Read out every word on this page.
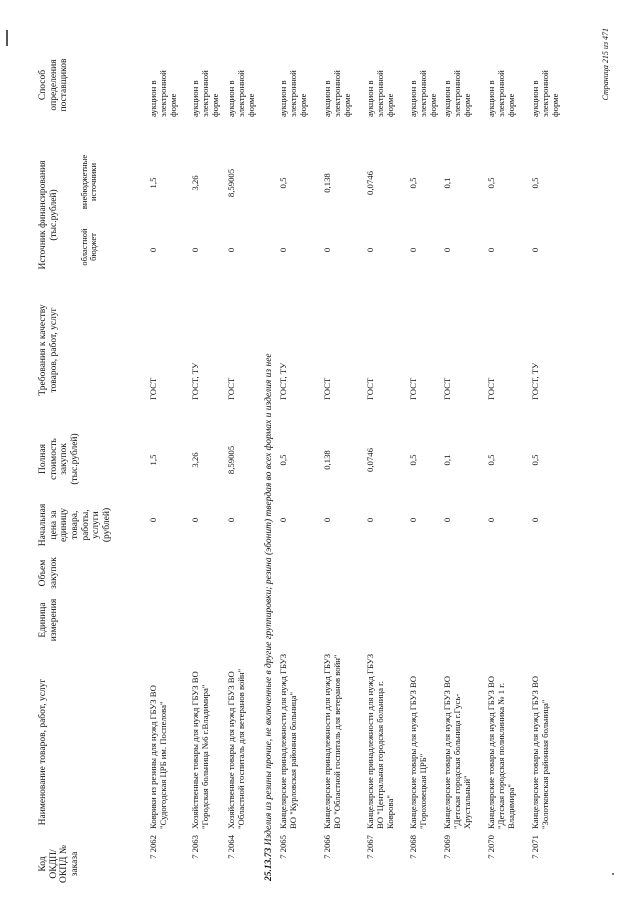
Код ОКДП/ ОКПД № заказа
Наименование товаров, работ, услуг
Единица измерения
Объем закупок
Начальная цена за единицу товара, работы, услуги (рублей)
Полная стоимость закупок (тыс.рублей)
Требования к качеству товаров, работ, услуг
Источник финансирования (тыс.рублей)
областной бюджет
внебюджетные источники
Способ определения поставщиков
25.13.73 Изделия из резины прочие, не включенные в другие группировки; резина (эбонит) твердая во всех формах и изделия из нее
7 2062
Коврики из резины для нужд ГБУЗ ВО "Судогодская ЦРБ им. Поспелова"
0
1,5
ГОСТ
0
1,5
аукцион в электронной форме
7 2063
Хозяйственные товары для нужд ГБУЗ ВО "Городская больница №6 г.Владимира"
0
3,26
ГОСТ, ТУ
0
3,26
аукцион в электронной форме
7 2064
Хозяйственные товары для нужд ГБУЗ ВО "Областной госпиталь для ветеранов войн"
0
8,59005
ГОСТ
0
8,59005
аукцион в электронной форме
7 2065
Канцелярские принадлежности для нужд ГБУЗ ВО "Курловская районная больница"
0
0,5
ГОСТ, ТУ
0
0,5
аукцион в электронной форме
7 2066
Канцелярские принадлежности для нужд ГБУЗ ВО "Областной госпиталь для ветеранов войн"
0
0,138
ГОСТ
0
0,138
аукцион в электронной форме
7 2067
Канцелярские принадлежности для нужд ГБУЗ ВО "Центральная городская больница г. Коврова"
0
0,0746
ГОСТ
0
0,0746
аукцион в электронной форме
7 2068
Канцелярские товары для нужд ГБУЗ ВО "Гороховецкая ЦРБ"
0
0,5
ГОСТ
0
0,5
аукцион в электронной форме
7 2069
Канцелярские товары для нужд ГБУЗ ВО "Детская городская больница г.Гусь-Хрустальный"
0
0,1
ГОСТ
0
0,1
аукцион в электронной форме
7 2070
Канцелярские товары для нужд ГБУЗ ВО "Детская городская поликлиника № 1 г. Владимира"
0
0,5
ГОСТ
0
0,5
аукцион в электронной форме
7 2071
Канцелярские товары для нужд ГБУЗ ВО "Золотковская районная больница"
0
0,5
ГОСТ, ТУ
0
0,5
аукцион в электронной форме
Страница 215 из 471
